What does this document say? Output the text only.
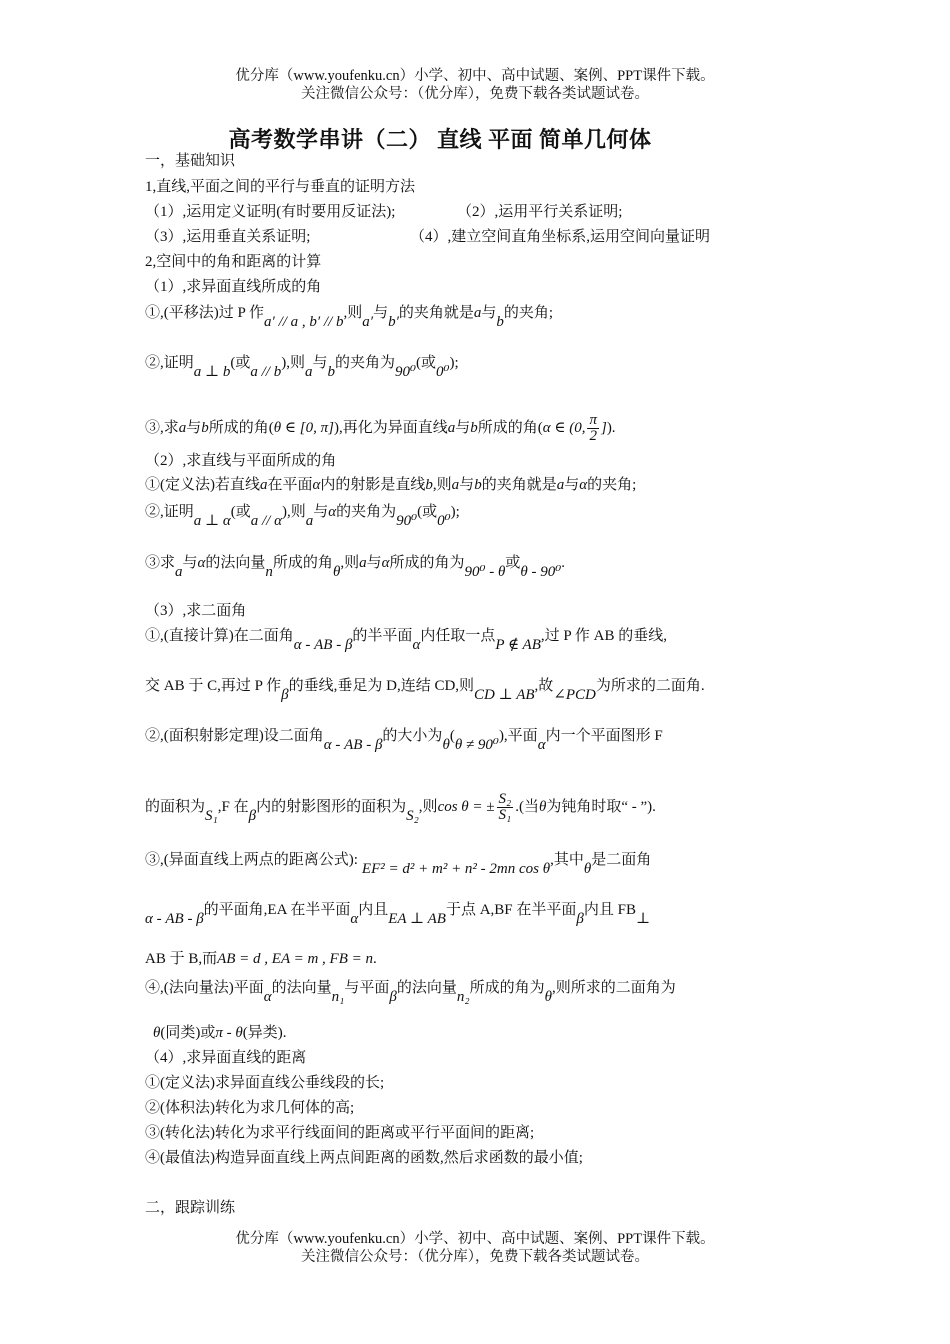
优分库（www.youfenku.cn）小学、初中、高中试题、案例、PPT课件下载。
关注微信公众号：（优分库），免费下载各类试题试卷。
高考数学串讲（二） 直线 平面 简单几何体
一，基础知识
1,直线,平面之间的平行与垂直的证明方法
（1）,运用定义证明(有时要用反证法);	（2）,运用平行关系证明;
（3）,运用垂直关系证明;	（4）,建立空间直角坐标系,运用空间向量证明
2,空间中的角和距离的计算
（1）,求异面直线所成的角
①,(平移法)过 P 作a′ // a , b′ // b,则a′与b′的夹角就是a与b的夹角;
②,证明a ⊥ b(或a // b),则a与b的夹角为90⁰(或0⁰);
③,求a与b所成的角(θ ∈ [0, π]),再化为异面直线a与b所成的角(α ∈ (0, $\frac{\pi}{2}$ ]).
（2）,求直线与平面所成的角
①(定义法)若直线a在平面α内的射影是直线b,则a与b的夹角就是a与α的夹角;
②,证明a ⊥ α(或a // α),则a与α的夹角为90⁰(或0⁰);
③求a与α的法向量n所成的角θ,则a与α所成的角为90⁰ - θ或θ - 90⁰.
（3）,求二面角
①,(直接计算)在二面角α - AB - β的半平面α内任取一点P ∉ AB,过 P 作 AB 的垂线,
交 AB 于 C,再过 P 作β的垂线,垂足为 D,连结 CD,则CD ⊥ AB,故∠PCD为所求的二面角.
②,(面积射影定理)设二面角α - AB - β的大小为θ(θ ≠ 90⁰),平面α内一个平面图形 F
的面积为S₁,F 在β内的射影图形的面积为S₂,则cos θ = ± $\frac{\text{S₂}}{\text{S₁}}$ .(当θ为钝角时取“ - ”).
③,(异面直线上两点的距离公式):EF² = d² + m² + n² - 2mn cos θ,其中θ是二面角
α - AB - β的平面角,EA 在半平面α内且EA ⊥ AB于点 A,BF 在半平面β内且 FB⊥
AB 于 B,而AB = d , EA = m , FB = n.
④,(法向量法)平面α的法向量n₁与平面β的法向量n₂所成的角为θ,则所求的二面角为
θ(同类)或π - θ(异类).
（4）,求异面直线的距离
①(定义法)求异面直线公垂线段的长;
②(体积法)转化为求几何体的高;
③(转化法)转化为求平行线面间的距离或平行平面间的距离;
④(最值法)构造异面直线上两点间距离的函数,然后求函数的最小值;
二，跟踪训练
优分库（www.youfenku.cn）小学、初中、高中试题、案例、PPT课件下载。
关注微信公众号：（优分库），免费下载各类试题试卷。
